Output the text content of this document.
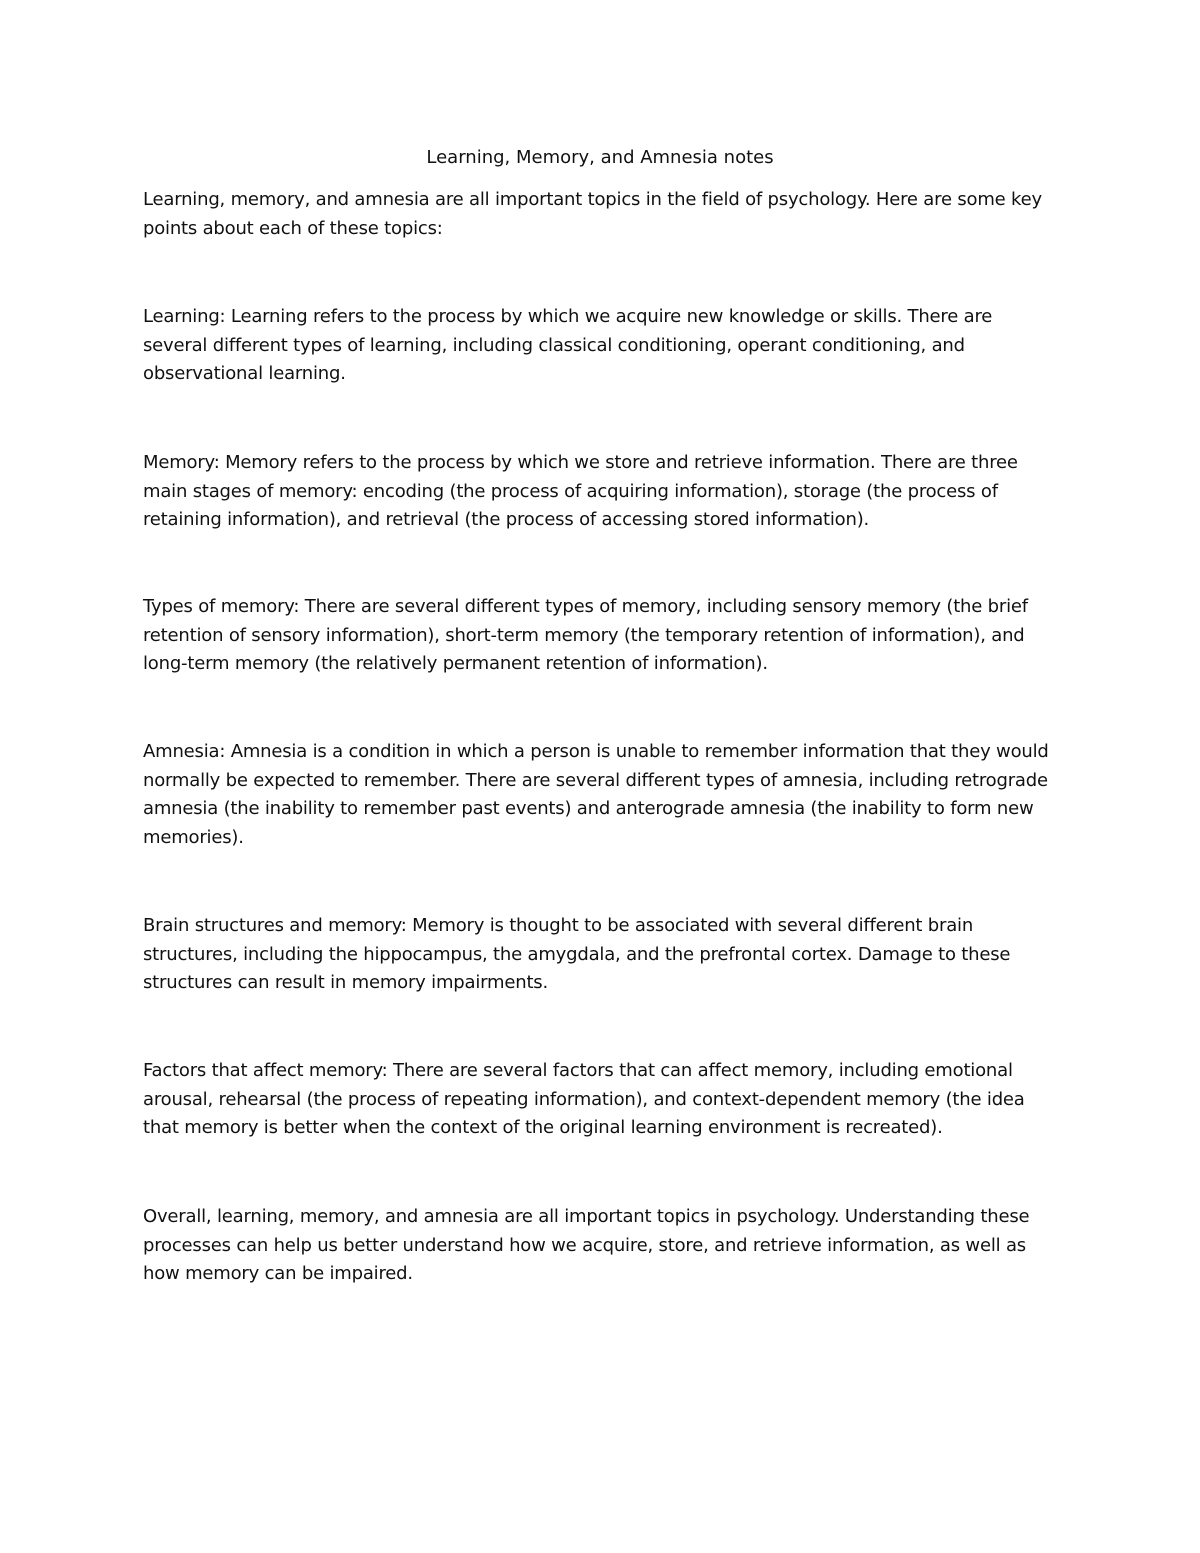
Learning, Memory, and Amnesia notes

Learning, memory, and amnesia are all important topics in the field of psychology. Here are some key points about each of these topics:

Learning: Learning refers to the process by which we acquire new knowledge or skills. There are several different types of learning, including classical conditioning, operant conditioning, and observational learning.

Memory: Memory refers to the process by which we store and retrieve information. There are three main stages of memory: encoding (the process of acquiring information), storage (the process of retaining information), and retrieval (the process of accessing stored information).

Types of memory: There are several different types of memory, including sensory memory (the brief retention of sensory information), short-term memory (the temporary retention of information), and long-term memory (the relatively permanent retention of information).

Amnesia: Amnesia is a condition in which a person is unable to remember information that they would normally be expected to remember. There are several different types of amnesia, including retrograde amnesia (the inability to remember past events) and anterograde amnesia (the inability to form new memories).

Brain structures and memory: Memory is thought to be associated with several different brain structures, including the hippocampus, the amygdala, and the prefrontal cortex. Damage to these structures can result in memory impairments.

Factors that affect memory: There are several factors that can affect memory, including emotional arousal, rehearsal (the process of repeating information), and context-dependent memory (the idea that memory is better when the context of the original learning environment is recreated).

Overall, learning, memory, and amnesia are all important topics in psychology. Understanding these processes can help us better understand how we acquire, store, and retrieve information, as well as how memory can be impaired.
